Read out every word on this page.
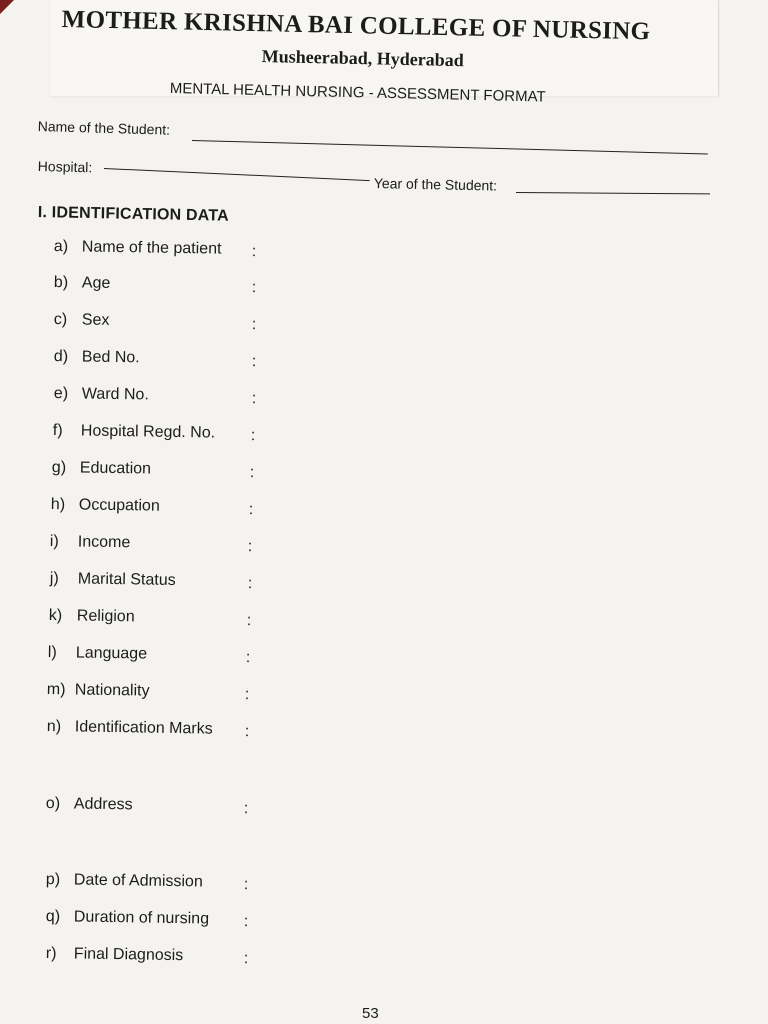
MOTHER KRISHNA BAI COLLEGE OF NURSING
Musheerabad, Hyderabad
MENTAL HEALTH NURSING - ASSESSMENT FORMAT
Name of the Student:
Hospital:
Year of the Student:
I. IDENTIFICATION DATA
a) Name of the patient :
b) Age	:
c) Sex	:
d) Bed No.	:
e) Ward No.	:
f) Hospital Regd. No. :
g) Education	:
h) Occupation	:
i) Income	:
j) Marital Status	:
k) Religion	:
l) Language	:
m) Nationality	:
n) Identification Marks :
o) Address	:
p) Date of Admission	:
q) Duration of nursing :
r) Final Diagnosis	:
53
